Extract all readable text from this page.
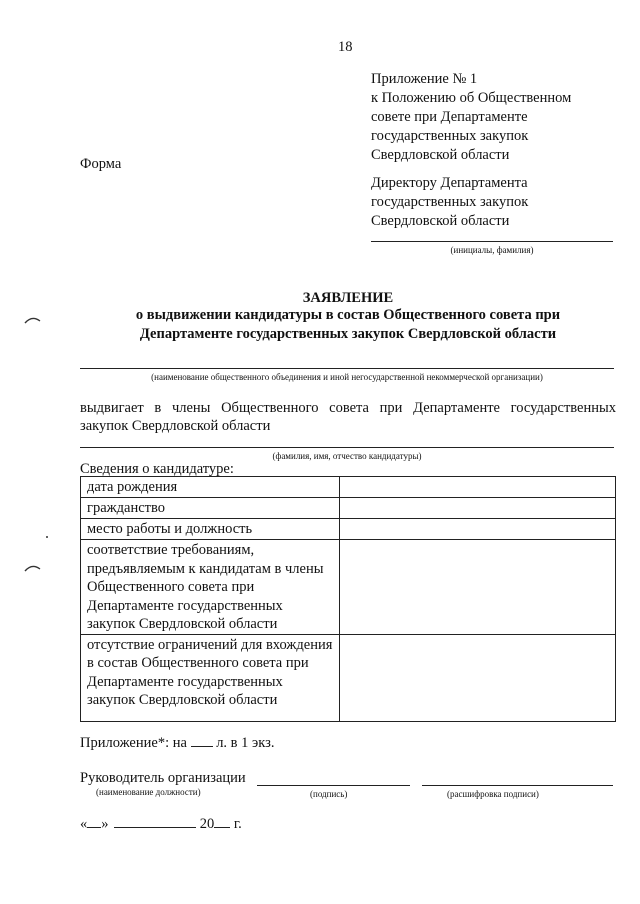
18
Приложение № 1
к Положению об Общественном
совете при Департаменте
государственных закупок
Свердловской области
Форма
Директору Департамента
государственных закупок
Свердловской области
(инициалы, фамилия)
ЗАЯВЛЕНИЕ
о выдвижении кандидатуры в состав Общественного совета при
Департаменте государственных закупок Свердловской области
(наименование общественного объединения и иной негосударственной некоммерческой организации)
выдвигает в члены Общественного совета при Департаменте государственных
закупок Свердловской области
(фамилия, имя, отчество кандидатуры)
Сведения о кандидатуре:
дата рождения	
гражданство	
место работы и должность	
соответствие требованиям, предъявляемым к кандидатам в члены Общественного совета при Департаменте государственных закупок Свердловской области	
отсутствие ограничений для вхождения в состав Общественного совета при Департаменте государственных закупок Свердловской области	
Приложение*: на л. в 1 экз.
Руководитель организации
(наименование должности)	(подпись)	(расшифровка подписи)
« »	20 г.
